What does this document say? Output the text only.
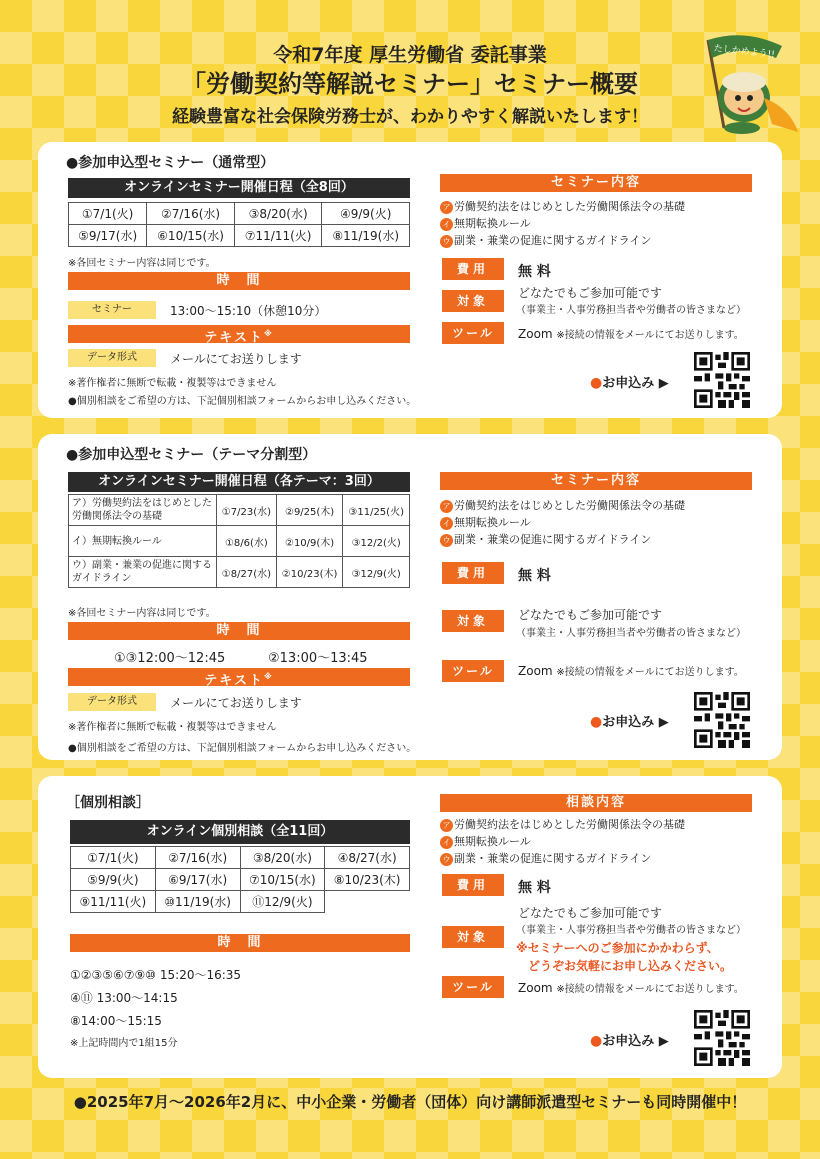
令和7年度 厚生労働省 委託事業
「労働契約等解説セミナー」セミナー概要
経験豊富な社会保険労務士が、わかりやすく解説いたします！
たしかめよう!!
●参加申込型セミナー（通常型）
オンラインセミナー開催日程（全8回）
①7/1(火)	②7/16(水)	③8/20(水)	④9/9(火)
⑤9/17(水)	⑥10/15(水)	⑦11/11(火)	⑧11/19(水)
※各回セミナー内容は同じです。
時　間
セミナー	13:00～15:10（休憩10分）
テキスト※
データ形式	メールにてお送りします
※著作権者に無断で転載・複製等はできません
●個別相談をご希望の方は、下記個別相談フォームからお申し込みください。
セミナー内容
ア 労働契約法をはじめとした労働関係法令の基礎
イ 無期転換ルール
ウ 副業・兼業の促進に関するガイドライン
費用	無 料
対象
どなたでもご参加可能です
（事業主・人事労務担当者や労働者の皆さまなど）
ツール	Zoom ※接続の情報をメールにてお送りします。
●お申込み ▶
●参加申込型セミナー（テーマ分割型）
オンラインセミナー開催日程（各テーマ：3回）
ア）労働契約法をはじめとした労働関係法令の基礎	①7/23(水)	②9/25(木)	③11/25(火)
イ）無期転換ルール	①8/6(水)	②10/9(木)	③12/2(火)
ウ）副業・兼業の促進に関するガイドライン	①8/27(水)	②10/23(木)	③12/9(火)
※各回セミナー内容は同じです。
時　間
①③12:00～12:45	②13:00～13:45
テキスト※
データ形式	メールにてお送りします
※著作権者に無断で転載・複製等はできません
●個別相談をご希望の方は、下記個別相談フォームからお申し込みください。
セミナー内容
ア 労働契約法をはじめとした労働関係法令の基礎
イ 無期転換ルール
ウ 副業・兼業の促進に関するガイドライン
費用	無 料
対象	どなたでもご参加可能です
（事業主・人事労務担当者や労働者の皆さまなど）
ツール	Zoom ※接続の情報をメールにてお送りします。
●お申込み ▶
［個別相談］
オンライン個別相談（全11回）
①7/1(火)	②7/16(水)	③8/20(水)	④8/27(水)
⑤9/9(火)	⑥9/17(水)	⑦10/15(水)	⑧10/23(木)
⑨11/11(火)	⑩11/19(水)	⑪12/9(火)	
時　間
①②③⑤⑥⑦⑨⑩ 15:20～16:35
④⑪ 13:00～14:15
⑧14:00～15:15
※上記時間内で1組15分
相談内容
ア 労働契約法をはじめとした労働関係法令の基礎
イ 無期転換ルール
ウ 副業・兼業の促進に関するガイドライン
費用	無 料
どなたでもご参加可能です
（事業主・人事労務担当者や労働者の皆さまなど）
対象
※セミナーへのご参加にかかわらず、
どうぞお気軽にお申し込みください。
ツール	Zoom ※接続の情報をメールにてお送りします。
●お申込み ▶
●2025年7月～2026年2月に、中小企業・労働者（団体）向け講師派遣型セミナーも同時開催中！
